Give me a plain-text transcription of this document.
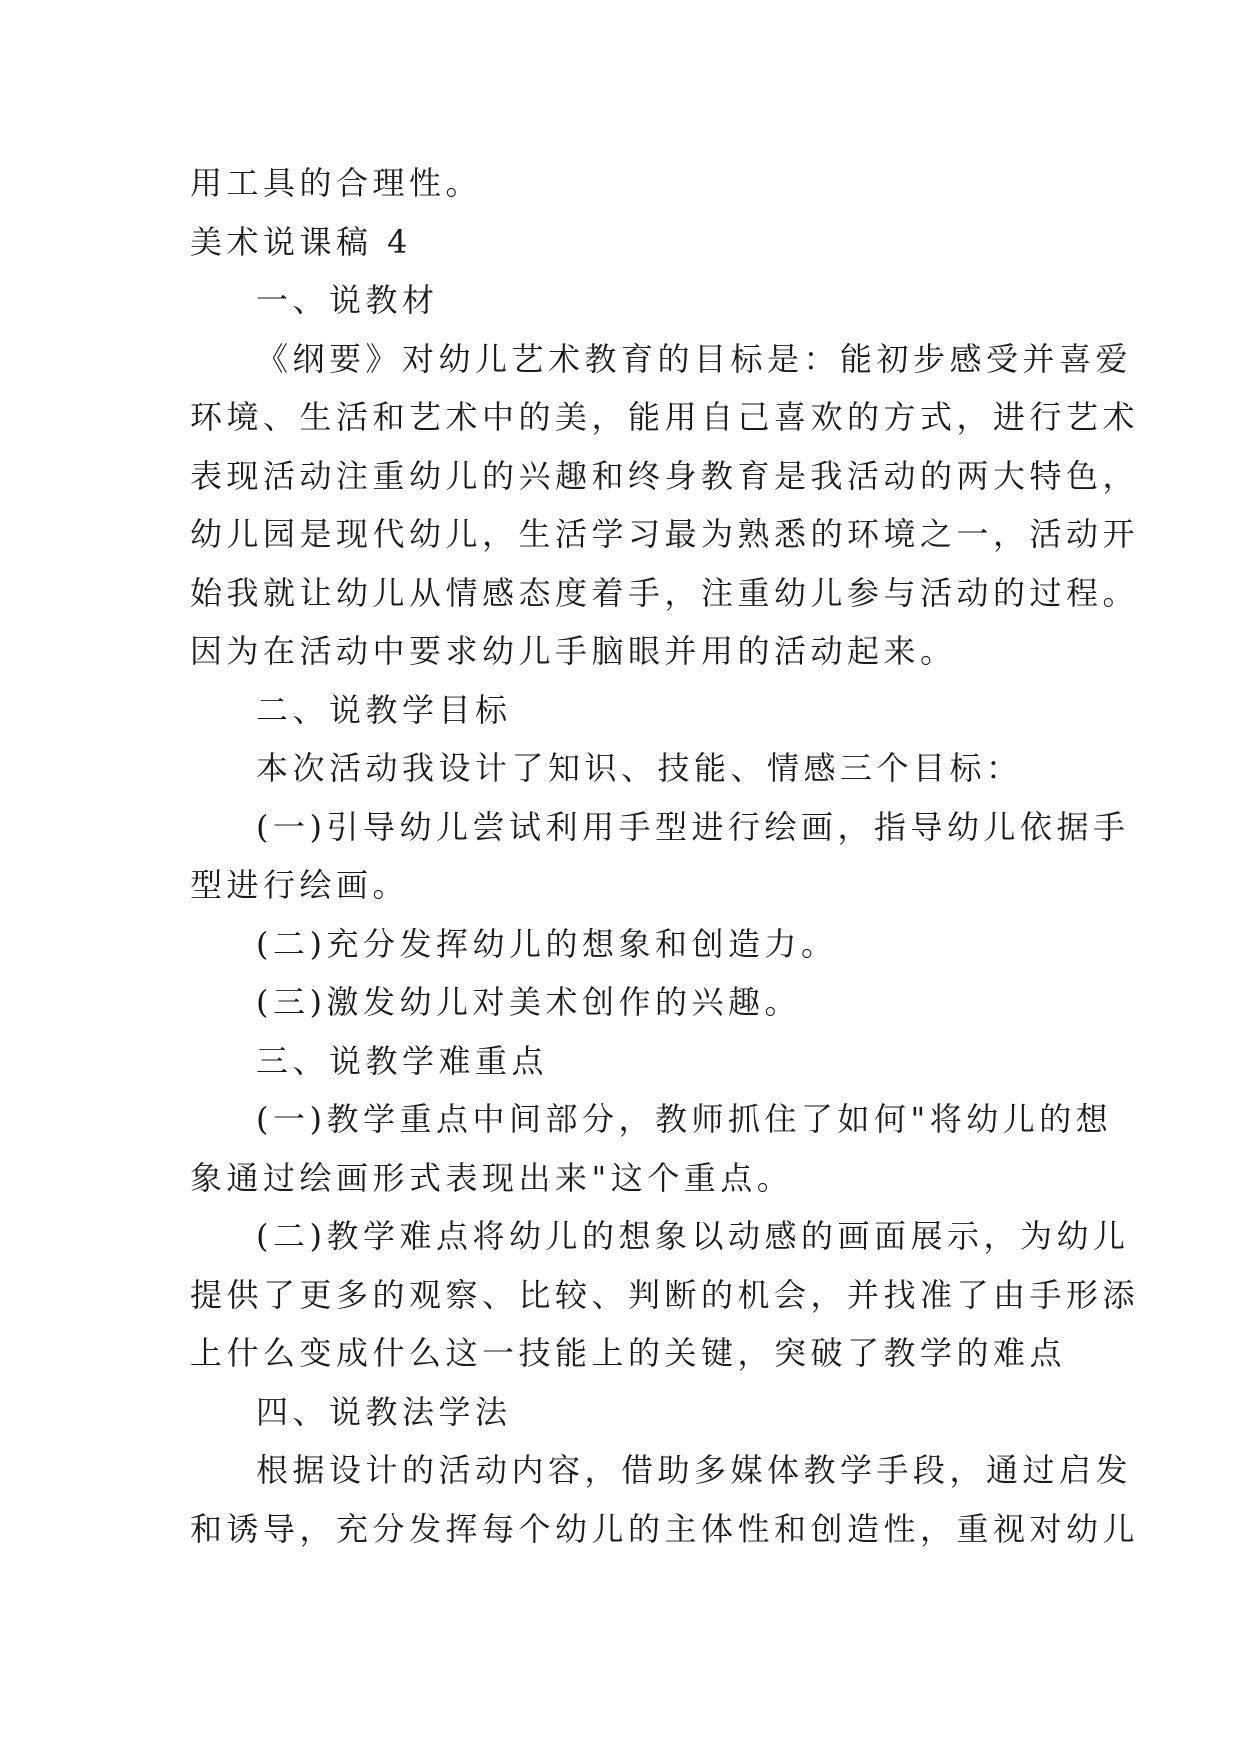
用工具的合理性。

美术说课稿 4

一、说教材

《纲要》对幼儿艺术教育的目标是：能初步感受并喜爱

环境、生活和艺术中的美，能用自己喜欢的方式，进行艺术

表现活动注重幼儿的兴趣和终身教育是我活动的两大特色，

幼儿园是现代幼儿，生活学习最为熟悉的环境之一，活动开

始我就让幼儿从情感态度着手，注重幼儿参与活动的过程。

因为在活动中要求幼儿手脑眼并用的活动起来。

二、说教学目标

本次活动我设计了知识、技能、情感三个目标：

(一)引导幼儿尝试利用手型进行绘画，指导幼儿依据手

型进行绘画。

(二)充分发挥幼儿的想象和创造力。

(三)激发幼儿对美术创作的兴趣。

三、说教学难重点

(一)教学重点中间部分，教师抓住了如何"将幼儿的想

象通过绘画形式表现出来"这个重点。

(二)教学难点将幼儿的想象以动感的画面展示，为幼儿

提供了更多的观察、比较、判断的机会，并找准了由手形添

上什么变成什么这一技能上的关键，突破了教学的难点

四、说教法学法

根据设计的活动内容，借助多媒体教学手段，通过启发

和诱导，充分发挥每个幼儿的主体性和创造性，重视对幼儿
